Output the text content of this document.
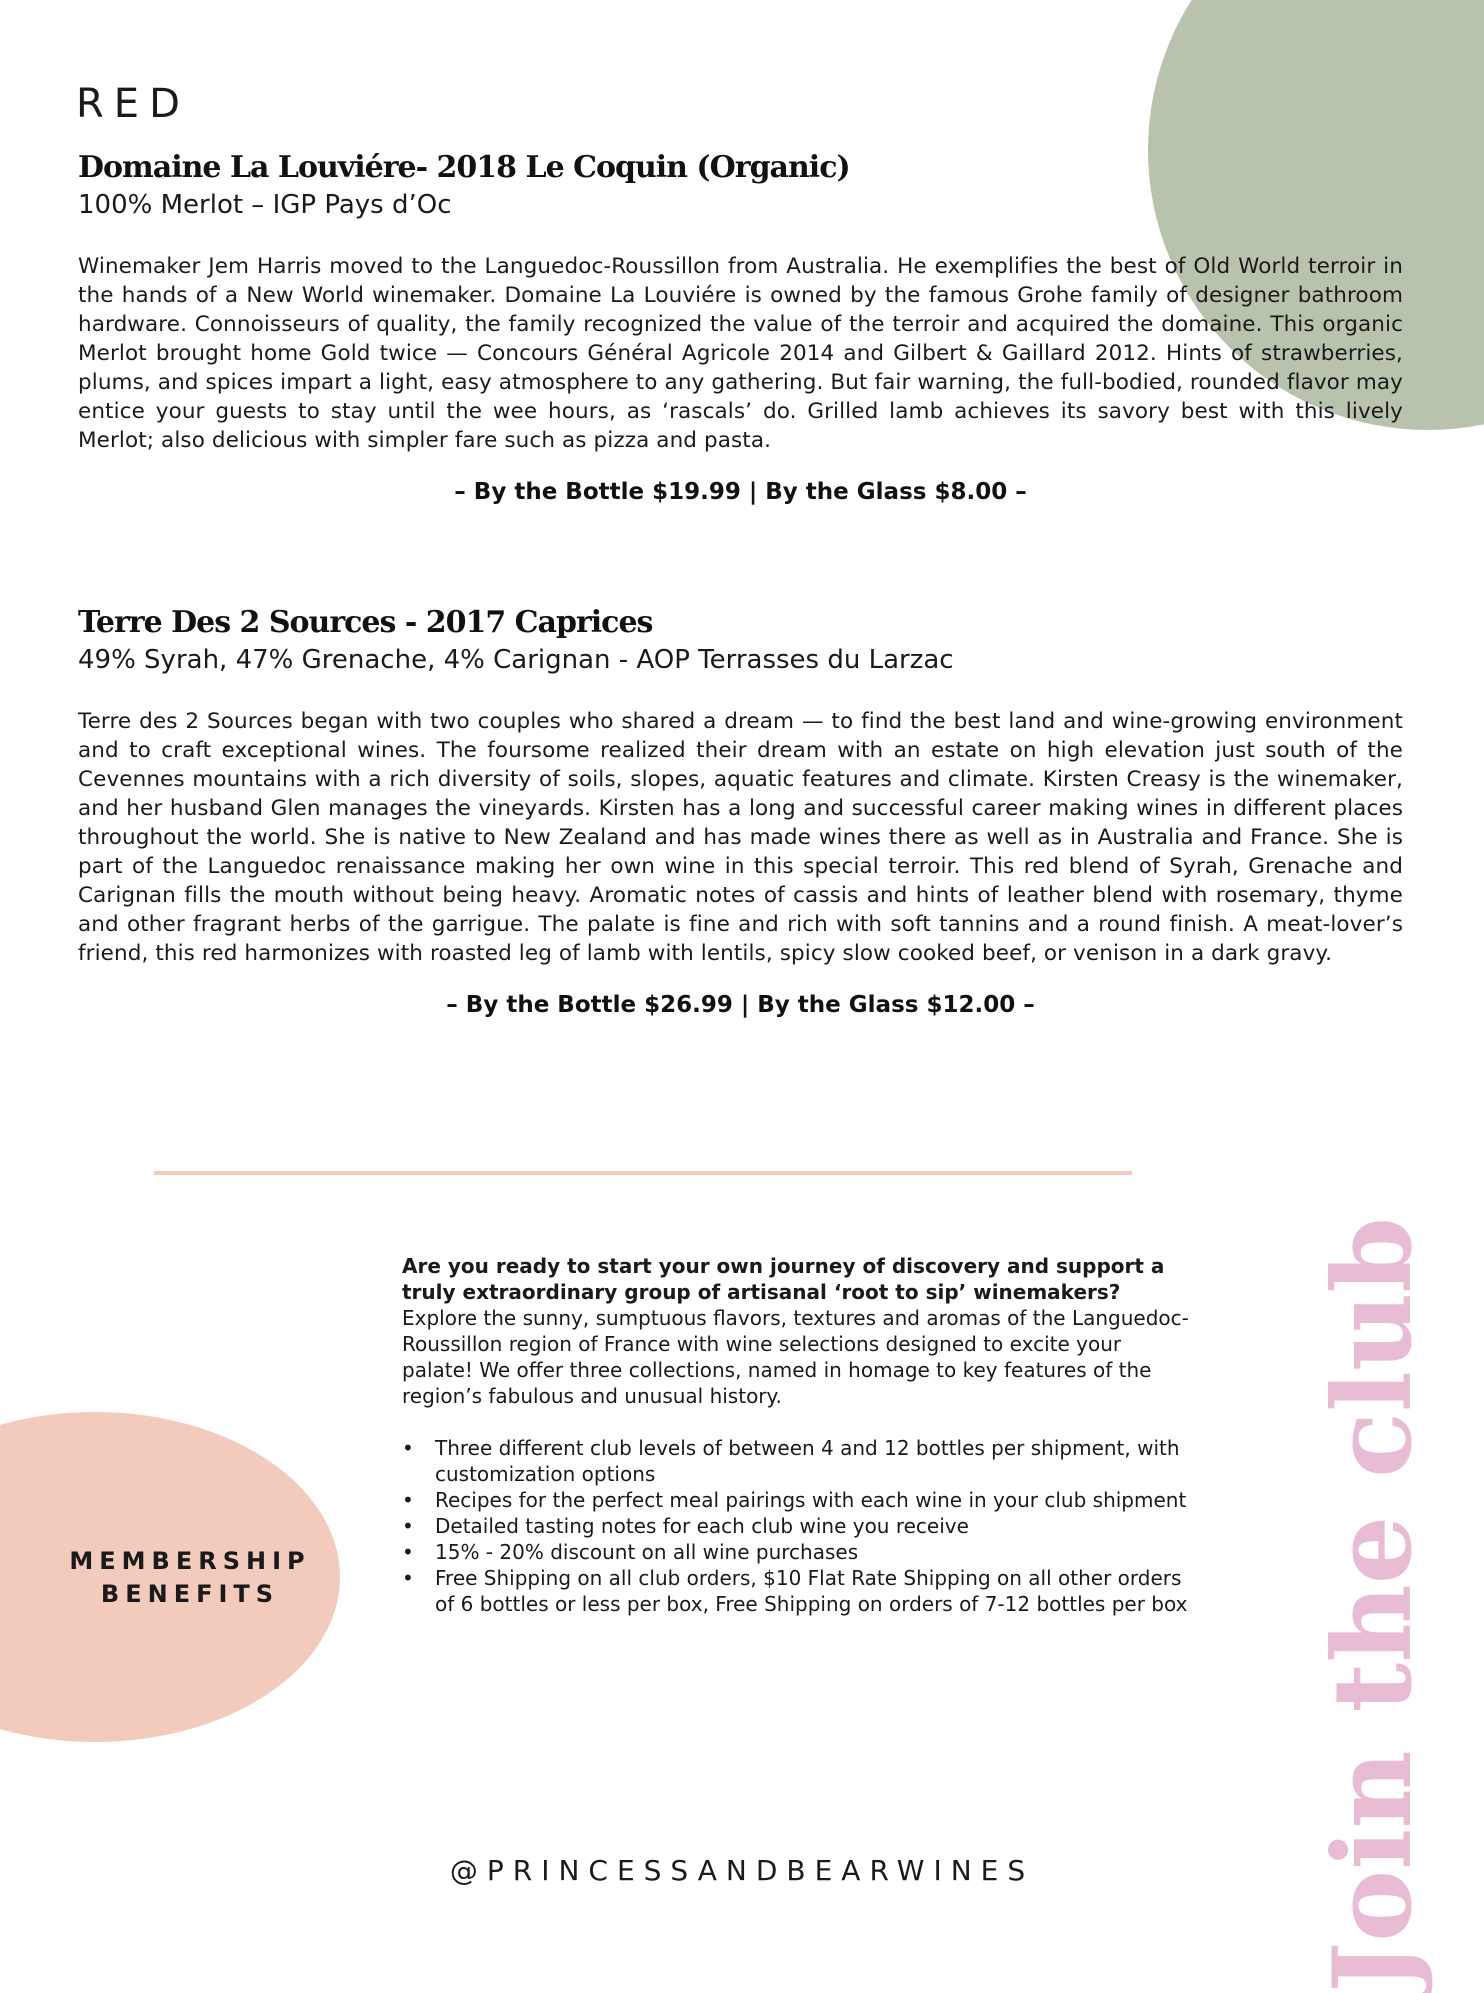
RED
Domaine La Louviére- 2018 Le Coquin (Organic)
100% Merlot – IGP Pays d’Oc
Winemaker Jem Harris moved to the Languedoc-Roussillon from Australia. He exemplifies the best of Old World terroir in the hands of a New World winemaker. Domaine La Louviére is owned by the famous Grohe family of designer bathroom hardware. Connoisseurs of quality, the family recognized the value of the terroir and acquired the domaine. This organic Merlot brought home Gold twice — Concours Général Agricole 2014 and Gilbert & Gaillard 2012. Hints of strawberries, plums, and spices impart a light, easy atmosphere to any gathering. But fair warning, the full-bodied, rounded flavor may entice your guests to stay until the wee hours, as ‘rascals’ do. Grilled lamb achieves its savory best with this lively Merlot; also delicious with simpler fare such as pizza and pasta.
– By the Bottle $19.99 | By the Glass $8.00 –
Terre Des 2 Sources - 2017 Caprices
49% Syrah, 47% Grenache, 4% Carignan - AOP Terrasses du Larzac
Terre des 2 Sources began with two couples who shared a dream — to find the best land and wine-growing environment and to craft exceptional wines. The foursome realized their dream with an estate on high elevation just south of the Cevennes mountains with a rich diversity of soils, slopes, aquatic features and climate. Kirsten Creasy is the winemaker, and her husband Glen manages the vineyards. Kirsten has a long and successful career making wines in different places throughout the world. She is native to New Zealand and has made wines there as well as in Australia and France. She is part of the Languedoc renaissance making her own wine in this special terroir. This red blend of Syrah, Grenache and Carignan fills the mouth without being heavy. Aromatic notes of cassis and hints of leather blend with rosemary, thyme and other fragrant herbs of the garrigue. The palate is fine and rich with soft tannins and a round finish. A meat-lover’s friend, this red harmonizes with roasted leg of lamb with lentils, spicy slow cooked beef, or venison in a dark gravy.
– By the Bottle $26.99 | By the Glass $12.00 –
Join the club
MEMBERSHIP
BENEFITS
Are you ready to start your own journey of discovery and support a truly extraordinary group of artisanal ‘root to sip’ winemakers? Explore the sunny, sumptuous flavors, textures and aromas of the Languedoc-Roussillon region of France with wine selections designed to excite your palate! We offer three collections, named in homage to key features of the region’s fabulous and unusual history.
• Three different club levels of between 4 and 12 bottles per shipment, with customization options
• Recipes for the perfect meal pairings with each wine in your club shipment
• Detailed tasting notes for each club wine you receive
• 15% - 20% discount on all wine purchases
• Free Shipping on all club orders, $10 Flat Rate Shipping on all other orders of 6 bottles or less per box, Free Shipping on orders of 7-12 bottles per box
@PRINCESSANDBEARWINES
